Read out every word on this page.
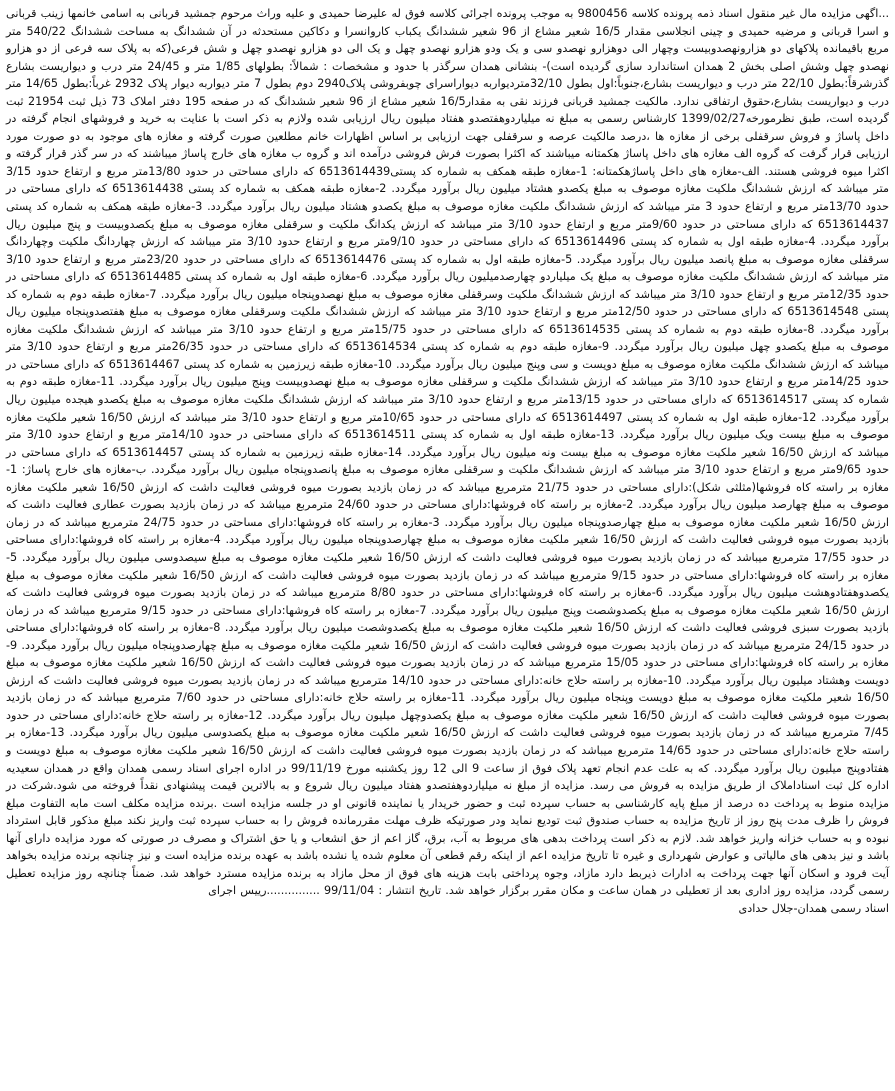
...اگهی مزایده مال غیر منقول اسناد ذمه پرونده کلاسه 9800456 به موجب پرونده اجرائی کلاسه فوق له علیرضا حمیدی و علیه وراث مرحوم جمشید قربانی به اسامی خانمها زینب قربانی و اسرا قربانی و مرضیه حمیدی و چینی انجلاسی مقدار 16/5 شعیر مشاع از 96 شعیر ششدانگ یکباب کاروانسرا و دکاکین مستحدثه در آن ششدانگ به مساحت ششدانگ 540/22 متر مربع باقیمانده پلاکهای دو هزارونهصدوبیست وچهار الی دوهزارو نهصدو سی و یک ودو هزارو نهصدو چهل و یک الی دو هزارو نهصدو چهل و شش فرعی(که به پلاک سه فرعی از دو هزارو نهصدو چهل وشش اصلی بخش 2 همدان استاندارد سازی گردیده است)- بنشانی همدان سرگذر با حدود و مشخصات : شمالاً: بطولهای 1/85 متر و 24/45 متر درب و دیواریست بشارع گذرشرقاً:بطول 22/10 متر درب و دیواریست بشارع،جنوباً:اول بطول 32/10مترديواربه ديواراسرای چوبفروشی پلاک2940 دوم بطول 7 متر دیواربه دیوار پلاک 2932 غرباً:بطول 14/65 متر درب و دیواریست بشارع،حقوق ارتفاقی ندارد. مالکیت جمشید قربانی فرزند نقی به مقدار16/5 شعیر مشاع از 96 شعیر ششدانگ که در صفحه 195 دفتر املاک 73 ذیل ثبت 21954 ثبت گردیده است، طبق نظرمورخه1399/02/27 کارشناس رسمی به مبلغ نه میلیاردوهفتصدو هفتاد میلیون ریال ارزیابی شده ولازم به ذکر است با عنایت به خرید و فروشهای انجام گرفته در داخل پاساژ و فروش سرقفلی برخی از مغازه ها ،درصد مالکیت عرصه و سرقفلی جهت ارزیابی بر اساس اظهارات خانم مطلعین صورت گرفته و مغازه های موجود به دو صورت مورد ارزیابی قرار گرفت که گروه الف مغازه های داخل پاساژ هکمتانه میباشند که اکثرا بصورت فرش فروشی درآمده اند و گروه ب مغازه های خارج پاساژ میباشند که در سر گذر قرار گرفته و اکثرا میوه فروشی هستند. الف-مغازه های داخل پاساژهکمتانه: 1-مغازه طبقه همکف به شماره کد پستی6513614439 که دارای مساحتی در حدود 13/80متر مربع و ارتفاع حدود 3/15 متر میباشد که ارزش ششدانگ ملکیت مغازه موصوف به مبلغ یکصدو هشتاد میلیون ریال برآورد میگردد. 2-مغازه طبقه همکف به شماره کد پستی 6513614438 که دارای مساحتی در حدود 13/70متر مربع و ارتفاع حدود 3 متر میباشد که ارزش ششدانگ ملکیت مغازه موصوف به مبلغ یکصدو هشتاد میلیون ریال برآورد میگردد. 3-مغازه طبقه همکف به شماره کد پستی 6513614437 که دارای مساحتی در حدود 9/60متر مربع و ارتفاع حدود 3/10 متر میباشد که ارزش یکدانگ ملکیت و سرقفلی مغازه موصوف به مبلغ یکصدوبیست و پنج میلیون ریال برآورد میگردد. 4-مغازه طبقه اول به شماره کد پستی 6513614496 که دارای مساحتی در حدود 9/10متر مربع و ارتفاع حدود 3/10 متر میباشد که ارزش چهاردانگ ملکیت وچهاردانگ سرقفلی مغازه موصوف به مبلغ پانصد میلیون ریال برآورد میگردد. 5-مغازه طبقه اول به شماره کد پستی 6513614476 که دارای مساحتی در حدود 23/20متر مربع و ارتفاع حدود 3/10 متر میباشد که ارزش ششدانگ ملکیت مغازه موصوف به مبلغ یک میلیاردو چهارصدمیلیون ریال برآورد میگردد. 6-مغازه طبقه اول به شماره کد پستی 6513614485 که دارای مساحتی در حدود 12/35متر مربع و ارتفاع حدود 3/10 متر میباشد که ارزش ششدانگ ملکیت وسرقفلی مغازه موصوف به مبلغ نهصدوپنجاه میلیون ریال برآورد میگردد. 7-مغازه طبقه دوم به شماره کد پستی 6513614548 که دارای مساحتی در حدود 12/50متر مربع و ارتفاع حدود 3/10 متر میباشد که ارزش ششدانگ ملکیت وسرقفلی مغازه موصوف به مبلغ هفتصدوپنجاه میلیون ریال برآورد میگردد. 8-مغازه طبقه دوم به شماره کد پستی 6513614535 که دارای مساحتی در حدود 15/75متر مربع و ارتفاع حدود 3/10 متر میباشد که ارزش ششدانگ ملکیت مغازه موصوف به مبلغ یکصدو چهل میلیون ریال برآورد میگردد. 9-مغازه طبقه دوم به شماره کد پستی 6513614534 که دارای مساحتی در حدود 26/35متر مربع و ارتفاع حدود 3/10 متر میباشد که ارزش ششدانگ ملکیت مغازه موصوف به مبلغ دویست و سی وپنج میلیون ریال برآورد میگردد. 10-مغازه طبقه زیرزمین به شماره کد پستی 6513614467 که دارای مساحتی در حدود 14/25متر مربع و ارتفاع حدود 3/10 متر میباشد که ارزش ششدانگ ملکیت و سرقفلی مغازه موصوف به مبلغ نهصدوبیست وپنج میلیون ریال برآورد میگردد. 11-مغازه طبقه دوم به شماره کد پستی 6513614517 که دارای مساحتی در حدود 13/15متر مربع و ارتفاع حدود 3/10 متر میباشد که ارزش ششدانگ ملکیت مغازه موصوف به مبلغ یکصدو هیجده میلیون ریال برآورد میگردد. 12-مغازه طبقه اول به شماره کد پستی 6513614497 که دارای مساحتی در حدود 10/65متر مربع و ارتفاع حدود 3/10 متر میباشد که ارزش 16/50 شعیر ملکیت مغازه موصوف به مبلغ بیست ویک میلیون ریال برآورد میگردد. 13-مغازه طبقه اول به شماره کد پستی 6513614511 که دارای مساحتی در حدود 14/10متر مربع و ارتفاع حدود 3/10 متر میباشد که ارزش 16/50 شعیر ملکیت مغازه موصوف به مبلغ بیست ونه میلیون ریال برآورد میگردد. 14-مغازه طبقه زیرزمین به شماره کد پستی 6513614457 که دارای مساحتی در حدود 9/65متر مربع و ارتفاع حدود 3/10 متر میباشد که ارزش ششدانگ ملکیت و سرقفلی مغازه موصوف به مبلغ پانصدوپنجاه میلیون ریال برآورد میگردد. ب-مغازه های خارج پاساژ: 1-مغازه بر راسته کاه فروشها(مثلثی شکل):دارای مساحتی در حدود 21/75 مترمربع میباشد که در زمان بازدید بصورت میوه فروشی فعالیت داشت که ارزش 16/50 شعیر ملکیت مغازه موصوف به مبلغ چهارصد میلیون ریال برآورد میگردد. 2-مغازه بر راسته کاه فروشها:دارای مساحتی در حدود 24/60 مترمربع میباشد که در زمان بازدید بصورت عطاری فعالیت داشت که ارزش 16/50 شعیر ملکیت مغازه موصوف به مبلغ چهارصدوپنجاه میلیون ریال برآورد میگردد. 3-مغازه بر راسته کاه فروشها:دارای مساحتی در حدود 24/75 مترمربع میباشد که در زمان بازدید بصورت میوه فروشی فعالیت داشت که ارزش 16/50 شعیر ملکیت مغازه موصوف به مبلغ چهارصدوپنجاه میلیون ریال برآورد میگردد. 4-مغازه بر راسته کاه فروشها:دارای مساحتی در حدود 17/55 مترمربع میباشد که در زمان بازدید بصورت میوه فروشی فعالیت داشت که ارزش 16/50 شعیر ملکیت مغازه موصوف به مبلغ سیصدوسی میلیون ریال برآورد میگردد. 5-مغازه بر راسته کاه فروشها:دارای مساحتی در حدود 9/15 مترمربع میباشد که در زمان بازدید بصورت میوه فروشی فعالیت داشت که ارزش 16/50 شعیر ملکیت مغازه موصوف به مبلغ یکصدوهفتادوهشت میلیون ریال برآورد میگردد. 6-مغازه بر راسته کاه فروشها:دارای مساحتی در حدود 8/80 مترمربع میباشد که در زمان بازدید بصورت میوه فروشی فعالیت داشت که ارزش 16/50 شعیر ملکیت مغازه موصوف به مبلغ یکصدوشصت وپنج میلیون ریال برآورد میگردد. 7-مغازه بر راسته کاه فروشها:دارای مساحتی در حدود 9/15 مترمربع میباشد که در زمان بازدید بصورت سبزی فروشی فعالیت داشت که ارزش 16/50 شعیر ملکیت مغازه موصوف به مبلغ یکصدوشصت میلیون ریال برآورد میگردد. 8-مغازه بر راسته کاه فروشها:دارای مساحتی در حدود 24/15 مترمربع میباشد که در زمان بازدید بصورت میوه فروشی فعالیت داشت که ارزش 16/50 شعیر ملکیت مغازه موصوف به مبلغ چهارصدوپنجاه میلیون ریال برآورد میگردد. 9-مغازه بر راسته کاه فروشها:دارای مساحتی در حدود 15/05 مترمربع میباشد که در زمان بازدید بصورت میوه فروشی فعالیت داشت که ارزش 16/50 شعیر ملکیت مغازه موصوف به مبلغ دویست وهشتاد میلیون ریال برآورد میگردد. 10-مغازه بر راسته حلاج خانه:دارای مساحتی در حدود 14/10 مترمربع میباشد که در زمان بازدید بصورت میوه فروشی فعالیت داشت که ارزش 16/50 شعیر ملکیت مغازه موصوف به مبلغ دویست وپنجاه میلیون ریال برآورد میگردد. 11-مغازه بر راسته حلاج خانه:دارای مساحتی در حدود 7/60 مترمربع میباشد که در زمان بازدید بصورت میوه فروشی فعالیت داشت که ارزش 16/50 شعیر ملکیت مغازه موصوف به مبلغ یکصدوچهل میلیون ریال برآورد میگردد. 12-مغازه بر راسته حلاج خانه:دارای مساحتی در حدود 7/45 مترمربع میباشد که در زمان بازدید بصورت میوه فروشی فعالیت داشت که ارزش 16/50 شعیر ملکیت مغازه موصوف به مبلغ یکصدوسی میلیون ریال برآورد میگردد. 13-مغازه بر راسته حلاج خانه:دارای مساحتی در حدود 14/65 مترمربع میباشد که در زمان بازدید بصورت میوه فروشی فعالیت داشت که ارزش 16/50 شعیر ملکیت مغازه موصوف به مبلغ دویست و هفتادوپنج میلیون ریال برآورد میگردد. که به علت عدم انجام تعهد پلاک فوق از ساعت 9 الی 12 روز یکشنبه مورخ 99/11/19 در اداره اجرای اسناد رسمی همدان واقع در همدان سعیدیه اداره کل ثبت اسناداملاک از طریق مزایده به فروش می رسد. مزایده از مبلغ نه میلیاردوهفتصدو هفتاد میلیون ریال شروع و به بالاترین قیمت پیشنهادی نقداً فروخته می شود.شرکت در مزایده منوط به پرداخت ده درصد از مبلغ پایه کارشناسی به حساب سپرده ثبت و حضور خریدار یا نماینده قانونی او در جلسه مزایده است .برنده مزایده مکلف است مابه التفاوت مبلغ فروش را ظرف مدت پنج روز از تاریخ مزایده به حساب صندوق ثبت تودیع نماید ودر صورتیکه ظرف مهلت مقررمانده فروش را به حساب سپرده ثبت واریز نکند مبلغ مذکور قابل استرداد نبوده و به حساب خزانه واریز خواهد شد. لازم به ذکر است پرداخت بدهی های مربوط به آب، برق، گاز اعم از حق انشعاب و یا حق اشتراک و مصرف در صورتی که مورد مزایده دارای آنها باشد و نیز بدهی های مالیاتی و عوارض شهرداری و غیره تا تاریخ مزایده اعم از اینکه رقم قطعی آن معلوم شده یا نشده باشد به عهده برنده مزایده است و نیز چنانچه برنده مزایده بخواهد آیت فرود و اسکان آنها جهت پرداخت به ادارات ذیربط دارد مازاد، وجوه پرداختی بابت هزینه های فوق از محل مازاد به برنده مزایده مسترد خواهد شد. ضمناً چنانچه روز مزایده تعطیل رسمی گردد، مزایده روز اداری بعد از تعطیلی در همان ساعت و مکان مقرر برگزار خواهد شد. تاریخ انتشار : 99/11/04 ...............رییس اجرای

اسناد رسمی همدان-جلال حدادی
